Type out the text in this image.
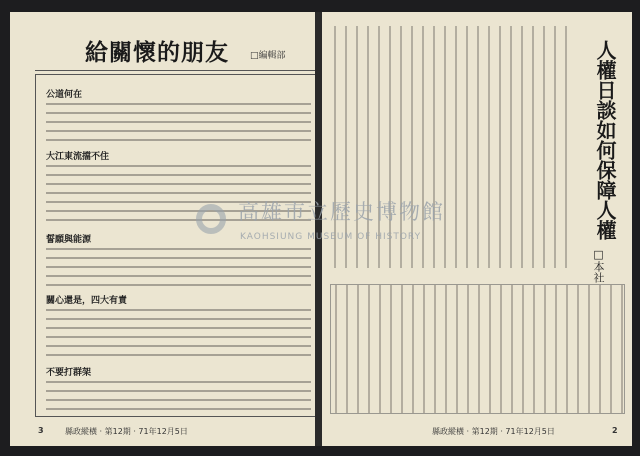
給關懷的朋友 □編輯部
公道何在
大江東流擋不住
誓願與能源
關心還是，四大有責
不要打群架
3	縣政縱橫 · 第12期 · 71年12月5日
人權日談如何保障人權
□本社
縣政縱橫 · 第12期 · 71年12月5日	2
高雄市立歷史博物館
KAOHSIUNG MUSEUM OF HISTORY
